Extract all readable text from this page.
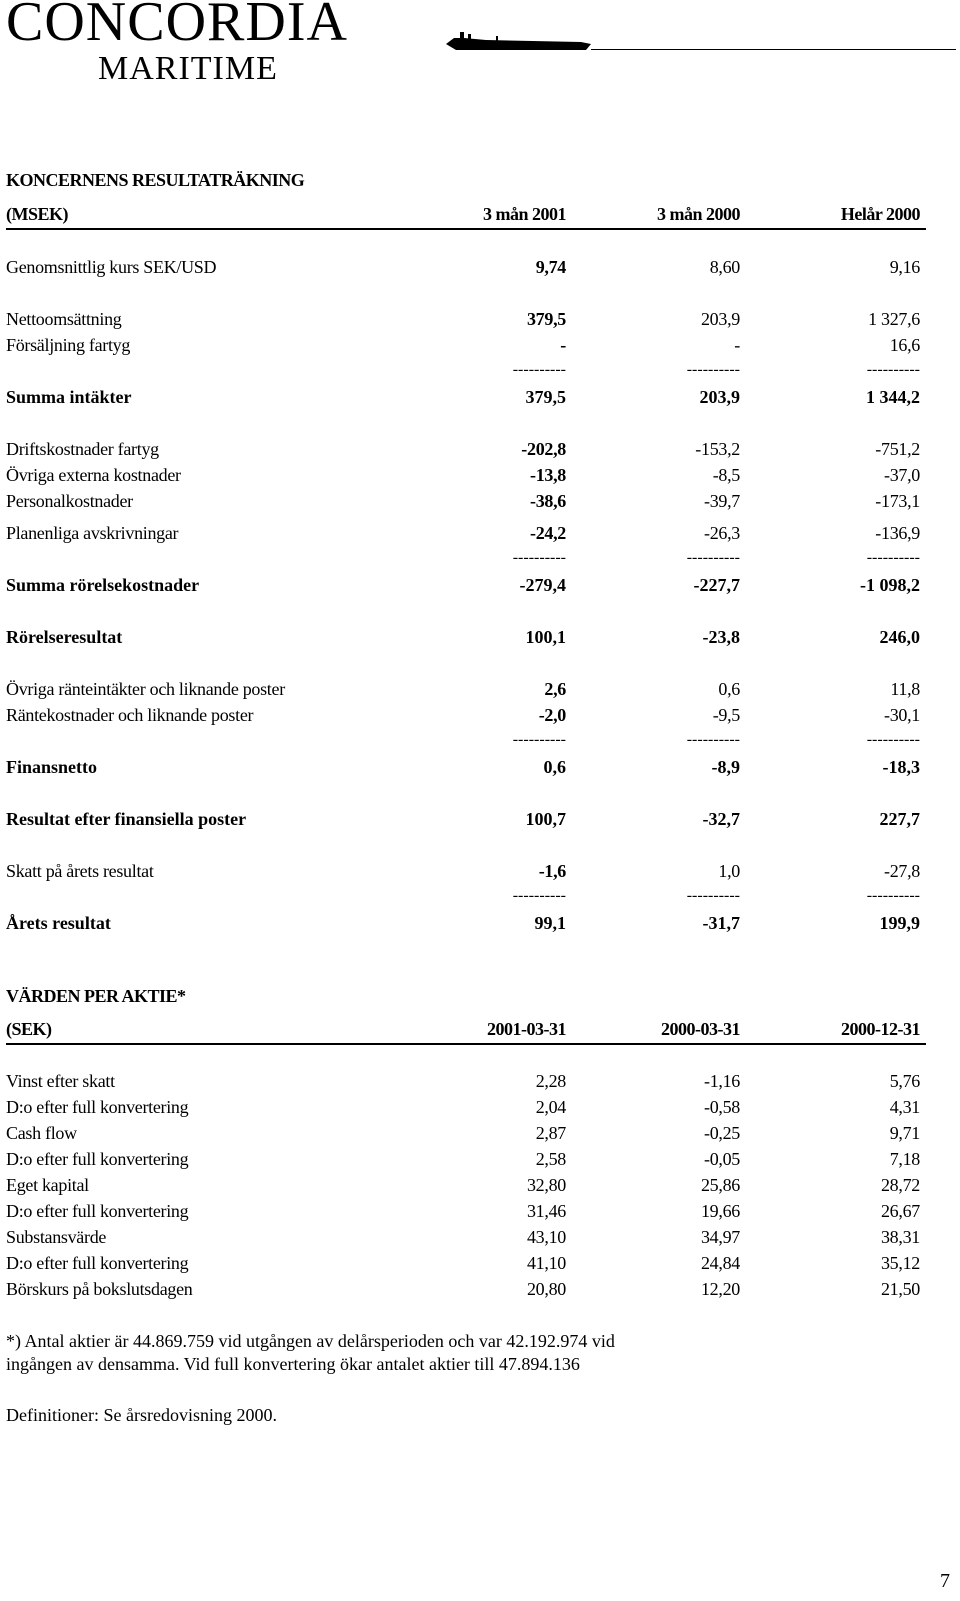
CONCORDIA
MARITIME
KONCERNENS RESULTATRÄKNING
(MSEK)	3 mån 2001	3 mån 2000	Helår 2000
Genomsnittlig kurs SEK/USD	9,74	8,60	9,16
Nettoomsättning	379,5	203,9	1 327,6
Försäljning fartyg	-	-	16,6
----------	----------	----------
Summa intäkter	379,5	203,9	1 344,2
Driftskostnader fartyg	-202,8	-153,2	-751,2
Övriga externa kostnader	-13,8	-8,5	-37,0
Personalkostnader	-38,6	-39,7	-173,1
Planenliga avskrivningar	-24,2	-26,3	-136,9
----------	----------	----------
Summa rörelsekostnader	-279,4	-227,7	-1 098,2
Rörelseresultat	100,1	-23,8	246,0
Övriga ränteintäkter och liknande poster	2,6	0,6	11,8
Räntekostnader och liknande poster	-2,0	-9,5	-30,1
----------	----------	----------
Finansnetto	0,6	-8,9	-18,3
Resultat efter finansiella poster	100,7	-32,7	227,7
Skatt på årets resultat	-1,6	1,0	-27,8
----------	----------	----------
Årets resultat	99,1	-31,7	199,9
VÄRDEN PER AKTIE*
(SEK)	2001-03-31	2000-03-31	2000-12-31
Vinst efter skatt	2,28	-1,16	5,76
D:o efter full konvertering	2,04	-0,58	4,31
Cash flow	2,87	-0,25	9,71
D:o efter full konvertering	2,58	-0,05	7,18
Eget kapital	32,80	25,86	28,72
D:o efter full konvertering	31,46	19,66	26,67
Substansvärde	43,10	34,97	38,31
D:o efter full konvertering	41,10	24,84	35,12
Börskurs på bokslutsdagen	20,80	12,20	21,50
*) Antal aktier är 44.869.759 vid utgången av delårsperioden och var 42.192.974 vid
ingången av densamma. Vid full konvertering ökar antalet aktier till 47.894.136
Definitioner: Se årsredovisning 2000.
7
